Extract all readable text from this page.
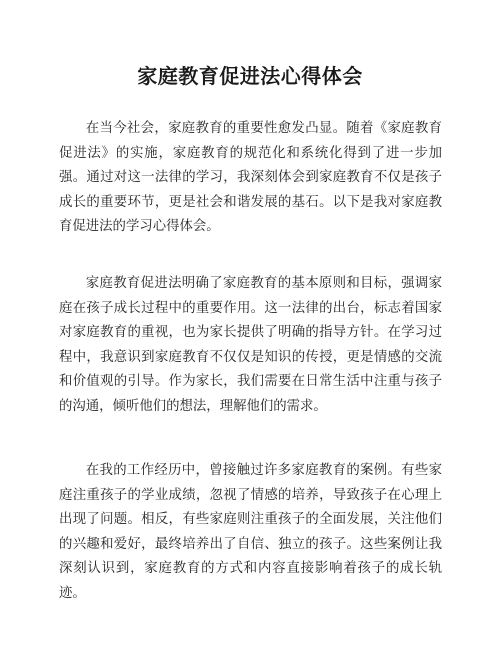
家庭教育促进法心得体会

在当今社会，家庭教育的重要性愈发凸显。随着《家庭教育促进法》的实施，家庭教育的规范化和系统化得到了进一步加强。通过对这一法律的学习，我深刻体会到家庭教育不仅是孩子成长的重要环节，更是社会和谐发展的基石。以下是我对家庭教育促进法的学习心得体会。

家庭教育促进法明确了家庭教育的基本原则和目标，强调家庭在孩子成长过程中的重要作用。这一法律的出台，标志着国家对家庭教育的重视，也为家长提供了明确的指导方针。在学习过程中，我意识到家庭教育不仅仅是知识的传授，更是情感的交流和价值观的引导。作为家长，我们需要在日常生活中注重与孩子的沟通，倾听他们的想法，理解他们的需求。

在我的工作经历中，曾接触过许多家庭教育的案例。有些家庭注重孩子的学业成绩，忽视了情感的培养，导致孩子在心理上出现了问题。相反，有些家庭则注重孩子的全面发展，关注他们的兴趣和爱好，最终培养出了自信、独立的孩子。这些案例让我深刻认识到，家庭教育的方式和内容直接影响着孩子的成长轨迹。
